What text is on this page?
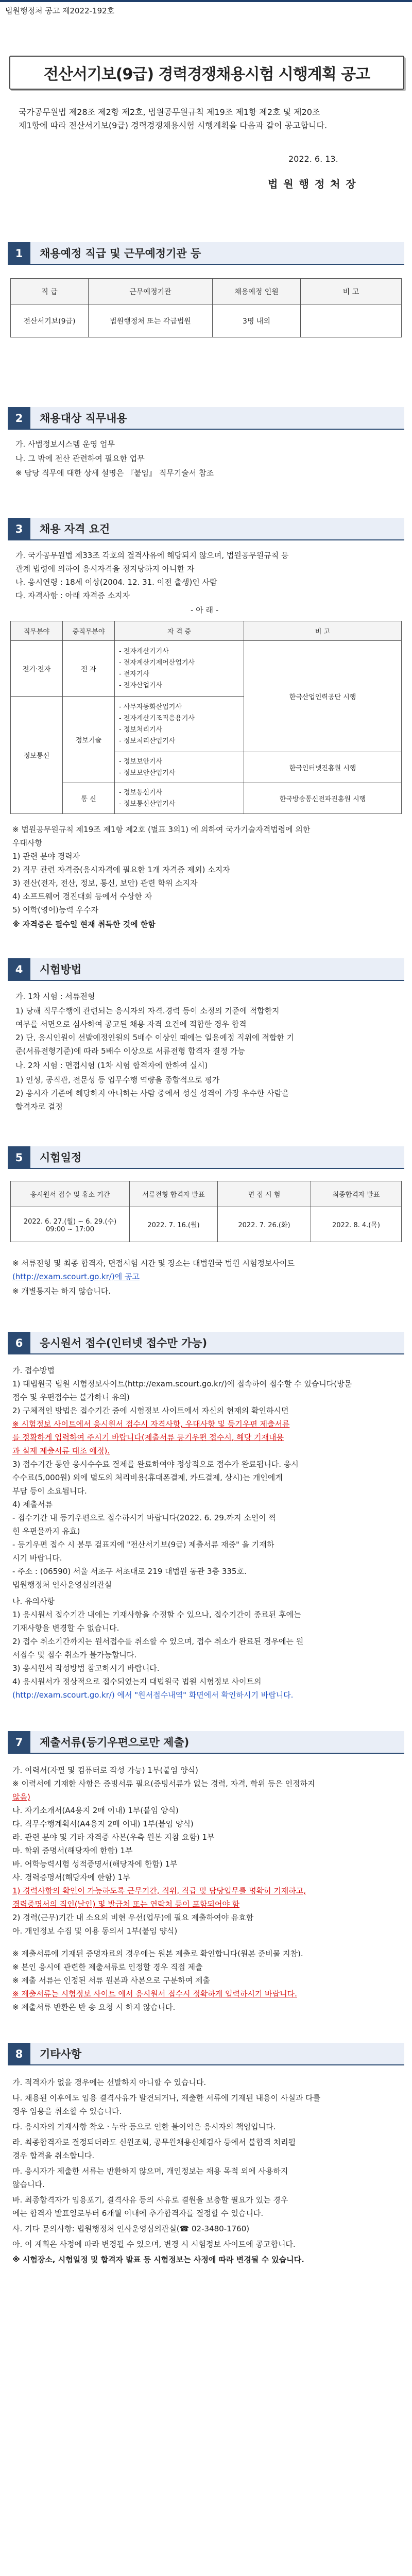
법원행정처 공고 제2022-192호
전산서기보(9급) 경력경쟁채용시험 시행계획 공고
국가공무원법 제28조 제2항 제2호, 법원공무원규칙 제19조 제1항 제2호 및 제20조
제1항에 따라 전산서기보(9급) 경력경쟁채용시험 시행계획을 다음과 같이 공고합니다.
2022. 6. 13.
법 원 행 정 처 장
1	채용예정 직급 및 근무예정기관 등
직 급	근무예정기관	채용예정 인원	비 고
전산서기보(9급)	법원행정처 또는 각급법원	3명 내외	
2	채용대상 직무내용
가. 사법정보시스템 운영 업무
나. 그 밖에 전산 관련하여 필요한 업무
※ 담당 직무에 대한 상세 설명은 『붙임』 직무기술서 참조
3	채용 자격 요건
가. 국가공무원법 제33조 각호의 결격사유에 해당되지 않으며, 법원공무원규칙 등
관계 법령에 의하여 응시자격을 정지당하지 아니한 자
나. 응시연령 : 18세 이상(2004. 12. 31. 이전 출생)인 사람
다. 자격사항 : 아래 자격증 소지자
- 아 래 -
직무분야	중직무분야	자 격 증	비 고
전기·전자	전 자	- 전자계산기기사
- 전자계산기제어산업기사
- 전자기사
- 전자산업기사	한국산업인력공단 시행
정보통신	정보기술	- 사무자동화산업기사
- 전자계산기조직응용기사
- 정보처리기사
- 정보처리산업기사	

		- 정보보안기사
- 정보보안산업기사	한국인터넷진흥원 시행
	통 신	- 정보통신기사
- 정보통신산업기사	한국방송통신전파진흥원 시행
※ 법원공무원규칙 제19조 제1항 제2호 (별표 3의1) 에 의하여 국가기술자격법령에 의한
우대사항
1) 관련 분야 경력자
2) 직무 관련 자격증(응시자격에 필요한 1개 자격증 제외) 소지자
3) 전산(전자, 전산, 정보, 통신, 보안) 관련 학위 소지자
4) 소프트웨어 경진대회 등에서 수상한 자
5) 어학(영어)능력 우수자
※ 자격증은 필수일 현재 취득한 것에 한함
4	시험방법
가. 1차 시험 : 서류전형
1) 당해 직무수행에 관련되는 응시자의 자격․경력 등이 소정의 기준에 적합한지
여부를 서면으로 심사하여 공고된 채용 자격 요건에 적합한 경우 합격
2) 단, 응시인원이 선발예정인원의 5배수 이상인 때에는 일용예정 직위에 적합한 기
준(서류전형기준)에 따라 5배수 이상으로 서류전형 합격자 결정 가능
나. 2차 시험 : 면접시험 (1차 시험 합격자에 한하여 실시)
1) 인성, 공직관, 전문성 등 업무수행 역량을 종합적으로 평가
2) 응시자 기준에 해당하지 아니하는 사람 중에서 성실 성격이 가장 우수한 사람을
합격자로 결정
5	시험일정
응시원서 접수 및 휴소 기간	서류전형 합격자 발표	면 접 시 험	최종합격자 발표
2022. 6. 27.(월) ~ 6. 29.(수)
09:00 ~ 17:00	2022. 7. 16.(월)	2022. 7. 26.(화)	2022. 8. 4.(목)
※ 서류전형 및 최종 합격자, 면접시험 시간 및 장소는 대법원국 법원 시험정보사이트
(http://exam.scourt.go.kr/)에 공고
※ 개별통지는 하지 않습니다.
6	응시원서 접수(인터넷 접수만 가능)
가. 접수방법
1) 대법원국 법원 시험정보사이트(http://exam.scourt.go.kr/)에 접속하여 접수할 수 있습니다(방문
접수 및 우편접수는 불가하니 유의)
2) 구체적인 방법은 접수기간 중에 시험정보 사이트에서 자신의 현재의 확인하시면
※ 시험정보 사이트에서 응시원서 접수시 자격사항, 우대사항 및 등기우편 제출서류
를 정확하게 입력하여 주시기 바랍니다(제출서류 등기우편 접수시, 해당 기재내용
과 실제 제출서류 대조 예정).
3) 접수기간 동안 응시수수료 결제를 완료하여야 정상적으로 접수가 완료됩니다. 응시
수수료(5,000원) 외에 별도의 처리비용(휴대폰결제, 카드결제, 상시)는 개인에게
부담 등이 소요됩니다.
4) 제출서류
- 접수기간 내 등기우편으로 접수하시기 바랍니다(2022. 6. 29.까지 소인이 찍
힌 우편물까지 유효)
- 등기우편 접수 시 봉투 겉표지에 "전산서기보(9급) 제출서류 재중" 을 기재하
시기 바랍니다.
- 주소 : (06590) 서울 서초구 서초대로 219 대법원 동관 3층 335호.
법원행정처 인사운영심의관실
나. 유의사항
1) 응시원서 접수기간 내에는 기재사항을 수정할 수 있으나, 접수기간이 종료된 후에는
기재사항을 변경할 수 없습니다.
2) 접수 취소기간까지는 원서접수를 취소할 수 있으며, 접수 취소가 완료된 경우에는 원
서접수 및 접수 취소가 불가능합니다.
3) 응시원서 작성방법 참고하시기 바랍니다.
4) 응시원서가 정상적으로 접수되었는지 대법원국 법원 시험정보 사이트의
(http://exam.scourt.go.kr/) 에서 "원서접수내역" 화면에서 확인하시기 바랍니다.
7	제출서류(등기우편으로만 제출)
가. 이력서(자필 및 컴퓨터로 작성 가능) 1부(붙임 양식)
※ 이력서에 기재한 사항은 증빙서류 필요(증빙서류가 없는 경력, 자격, 학위 등은 인정하지
않음)
나. 자기소개서(A4용지 2매 이내) 1부(붙임 양식)
다. 직무수행계획서(A4용지 2매 이내) 1부(붙임 양식)
라. 관련 분야 및 기타 자격증 사본(우측 원본 지참 요함) 1부
마. 학위 증명서(해당자에 한함) 1부
바. 어학능력시험 성적증명서(해당자에 한함) 1부
사. 경력증명서(해당자에 한함) 1부
1) 경력사항의 확인이 가능하도록 근무기간, 직위, 직급 및 담당업무를 명확히 기재하고,
경력증명서의 직인(날인) 및 발급처 또는 연락처 등이 포함되어야 함
2) 경력(근무)기간 내 소요의 비현 우선(업무)에 필요 제출하여야 유효함
아. 개인정보 수집 및 이용 동의서 1부(붙임 양식)
※ 제출서류에 기재된 증명자료의 경우에는 원본 제출로 확인합니다(원본 준비물 지참).
※ 본인 응시에 관련한 제출서류로 인정할 경우 직접 제출
※ 제출 서류는 인정된 서류 원본과 사본으로 구분하여 제출
※ 제출서류는 시험정보 사이트 에서 응시원서 접수시 정확하게 입력하시기 바랍니다.
※ 제출서류 반환은 반 송 요청 시 하지 않습니다.
8	기타사항
가. 적격자가 없을 경우에는 선발하지 아니할 수 있습니다.
나. 채용된 이후에도 임용 결격사유가 발견되거나, 제출한 서류에 기재된 내용이 사실과 다를
경우 임용을 취소할 수 있습니다.
다. 응시자의 기재사항 착오ㆍ누락 등으로 인한 불이익은 응시자의 책임입니다.
라. 최종합격자로 결정되더라도 신원조회, 공무원채용신체검사 등에서 불합격 처리될
경우 합격을 취소합니다.
마. 응시자가 제출한 서류는 반환하지 않으며, 개인정보는 채용 목적 외에 사용하지
않습니다.
바. 최종합격자가 임용포기, 결격사유 등의 사유로 결원을 보충할 필요가 있는 경우
에는 합격자 발표일로부터 6개월 이내에 추가합격자를 결정할 수 있습니다.
사. 기타 문의사항: 법원행정처 인사운영심의관실(☎ 02-3480-1760)
아. 이 계획은 사정에 따라 변경될 수 있으며, 변경 시 시험정보 사이트에 공고합니다.
※ 시험장소, 시험일정 및 합격자 발표 등 시험정보는 사정에 따라 변경될 수 있습니다.
